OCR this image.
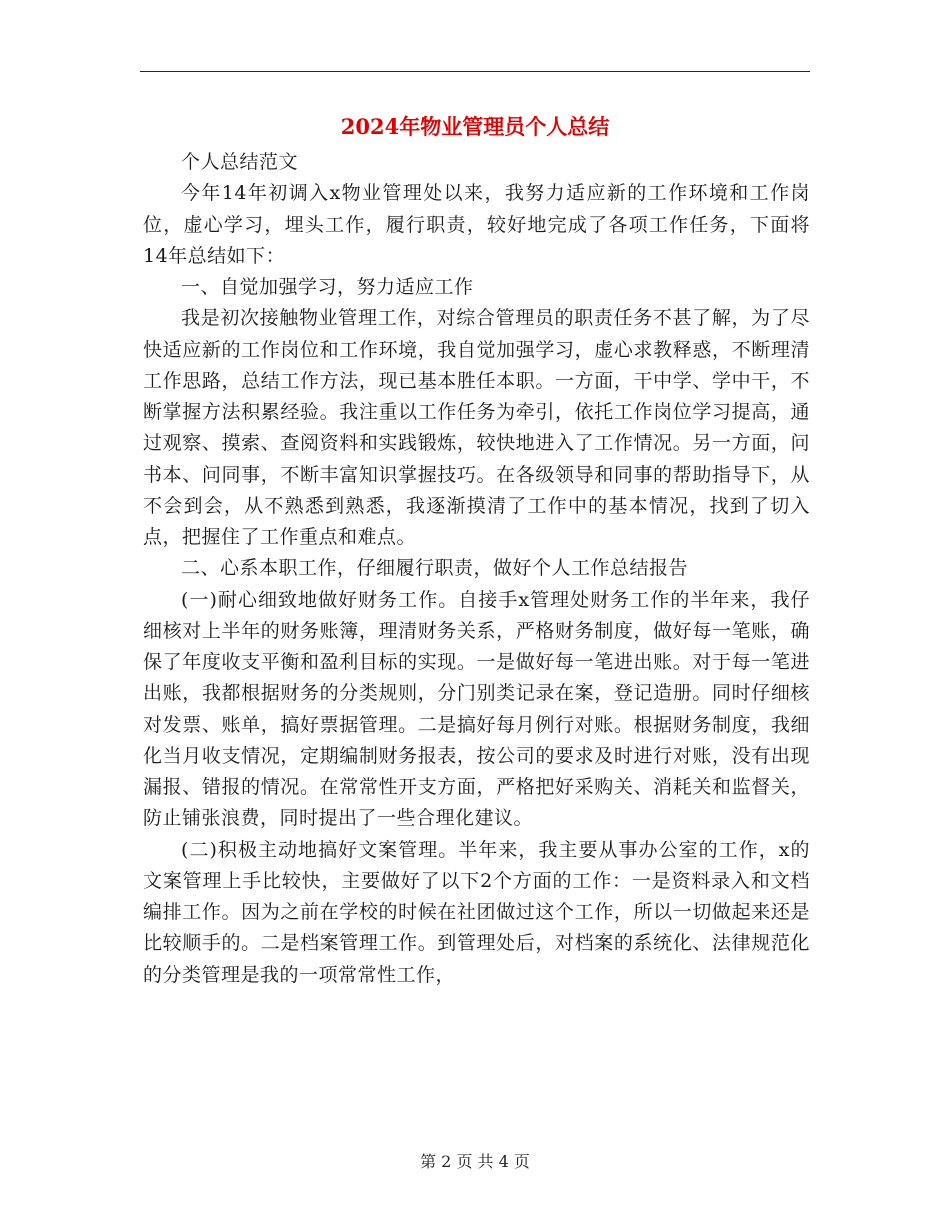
2024年物业管理员个人总结

个人总结范文

今年14年初调入x物业管理处以来，我努力适应新的工作环境和工作岗位，虚心学习，埋头工作，履行职责，较好地完成了各项工作任务，下面将14年总结如下：

一、自觉加强学习，努力适应工作

我是初次接触物业管理工作，对综合管理员的职责任务不甚了解，为了尽快适应新的工作岗位和工作环境，我自觉加强学习，虚心求教释惑，不断理清工作思路，总结工作方法，现已基本胜任本职。一方面，干中学、学中干，不断掌握方法积累经验。我注重以工作任务为牵引，依托工作岗位学习提高，通过观察、摸索、查阅资料和实践锻炼，较快地进入了工作情况。另一方面，问书本、问同事，不断丰富知识掌握技巧。在各级领导和同事的帮助指导下，从不会到会，从不熟悉到熟悉，我逐渐摸清了工作中的基本情况，找到了切入点，把握住了工作重点和难点。

二、心系本职工作，仔细履行职责，做好个人工作总结报告

(一)耐心细致地做好财务工作。自接手x管理处财务工作的半年来，我仔细核对上半年的财务账簿，理清财务关系，严格财务制度，做好每一笔账，确保了年度收支平衡和盈利目标的实现。一是做好每一笔进出账。对于每一笔进出账，我都根据财务的分类规则，分门别类记录在案，登记造册。同时仔细核对发票、账单，搞好票据管理。二是搞好每月例行对账。根据财务制度，我细化当月收支情况，定期编制财务报表，按公司的要求及时进行对账，没有出现漏报、错报的情况。在常常性开支方面，严格把好采购关、消耗关和监督关，防止铺张浪费，同时提出了一些合理化建议。

(二)积极主动地搞好文案管理。半年来，我主要从事办公室的工作，x的文案管理上手比较快，主要做好了以下2个方面的工作：一是资料录入和文档编排工作。因为之前在学校的时候在社团做过这个工作，所以一切做起来还是比较顺手的。二是档案管理工作。到管理处后，对档案的系统化、法律规范化的分类管理是我的一项常常性工作，

第 2 页 共 4 页
